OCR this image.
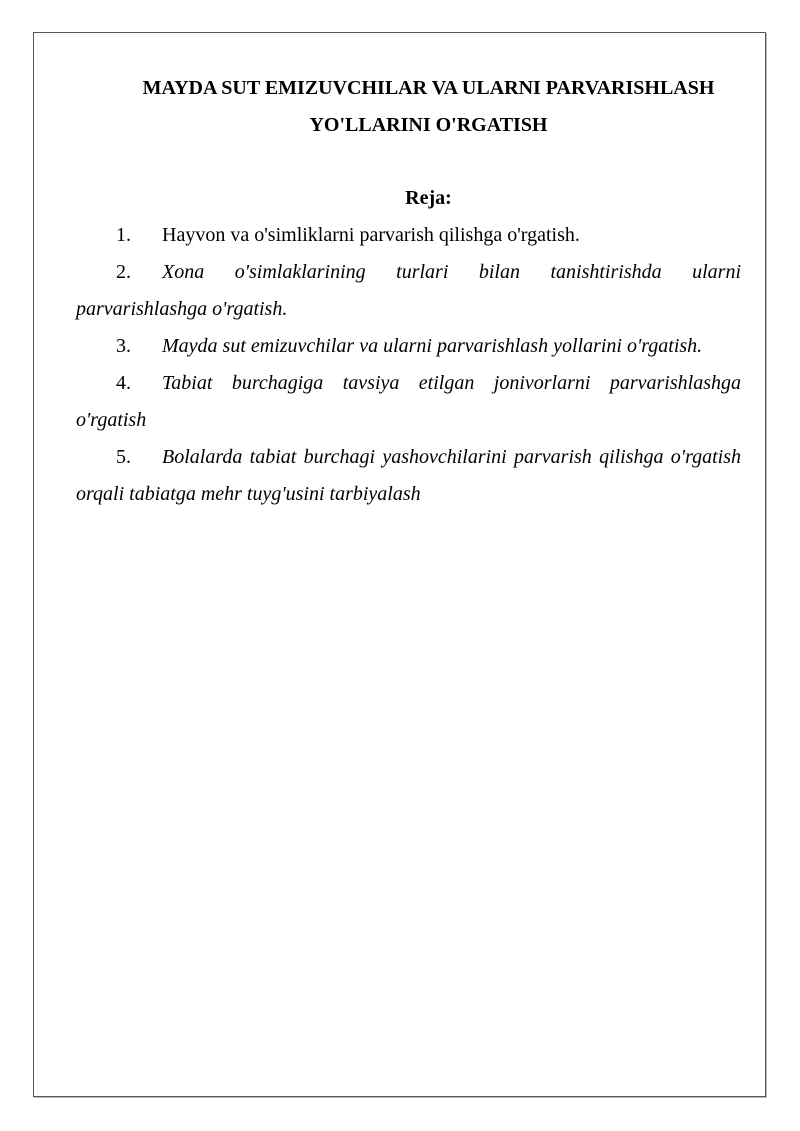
MAYDA SUT EMIZUVCHILAR VA ULARNI PARVARISHLASH
YO'LLARINI O'RGATISH

Reja:

1. Hayvon va o'simliklarni parvarish qilishga o'rgatish.
2. Xona o'simlaklarining turlari bilan tanishtirishda ularni parvarishlashga o'rgatish.
3. Mayda sut emizuvchilar va ularni parvarishlash yollarini o'rgatish.
4. Tabiat burchagiga tavsiya etilgan jonivorlarni parvarishlashga o'rgatish
5. Bolalarda tabiat burchagi yashovchilarini parvarish qilishga o'rgatish orqali tabiatga mehr tuyg'usini tarbiyalash
